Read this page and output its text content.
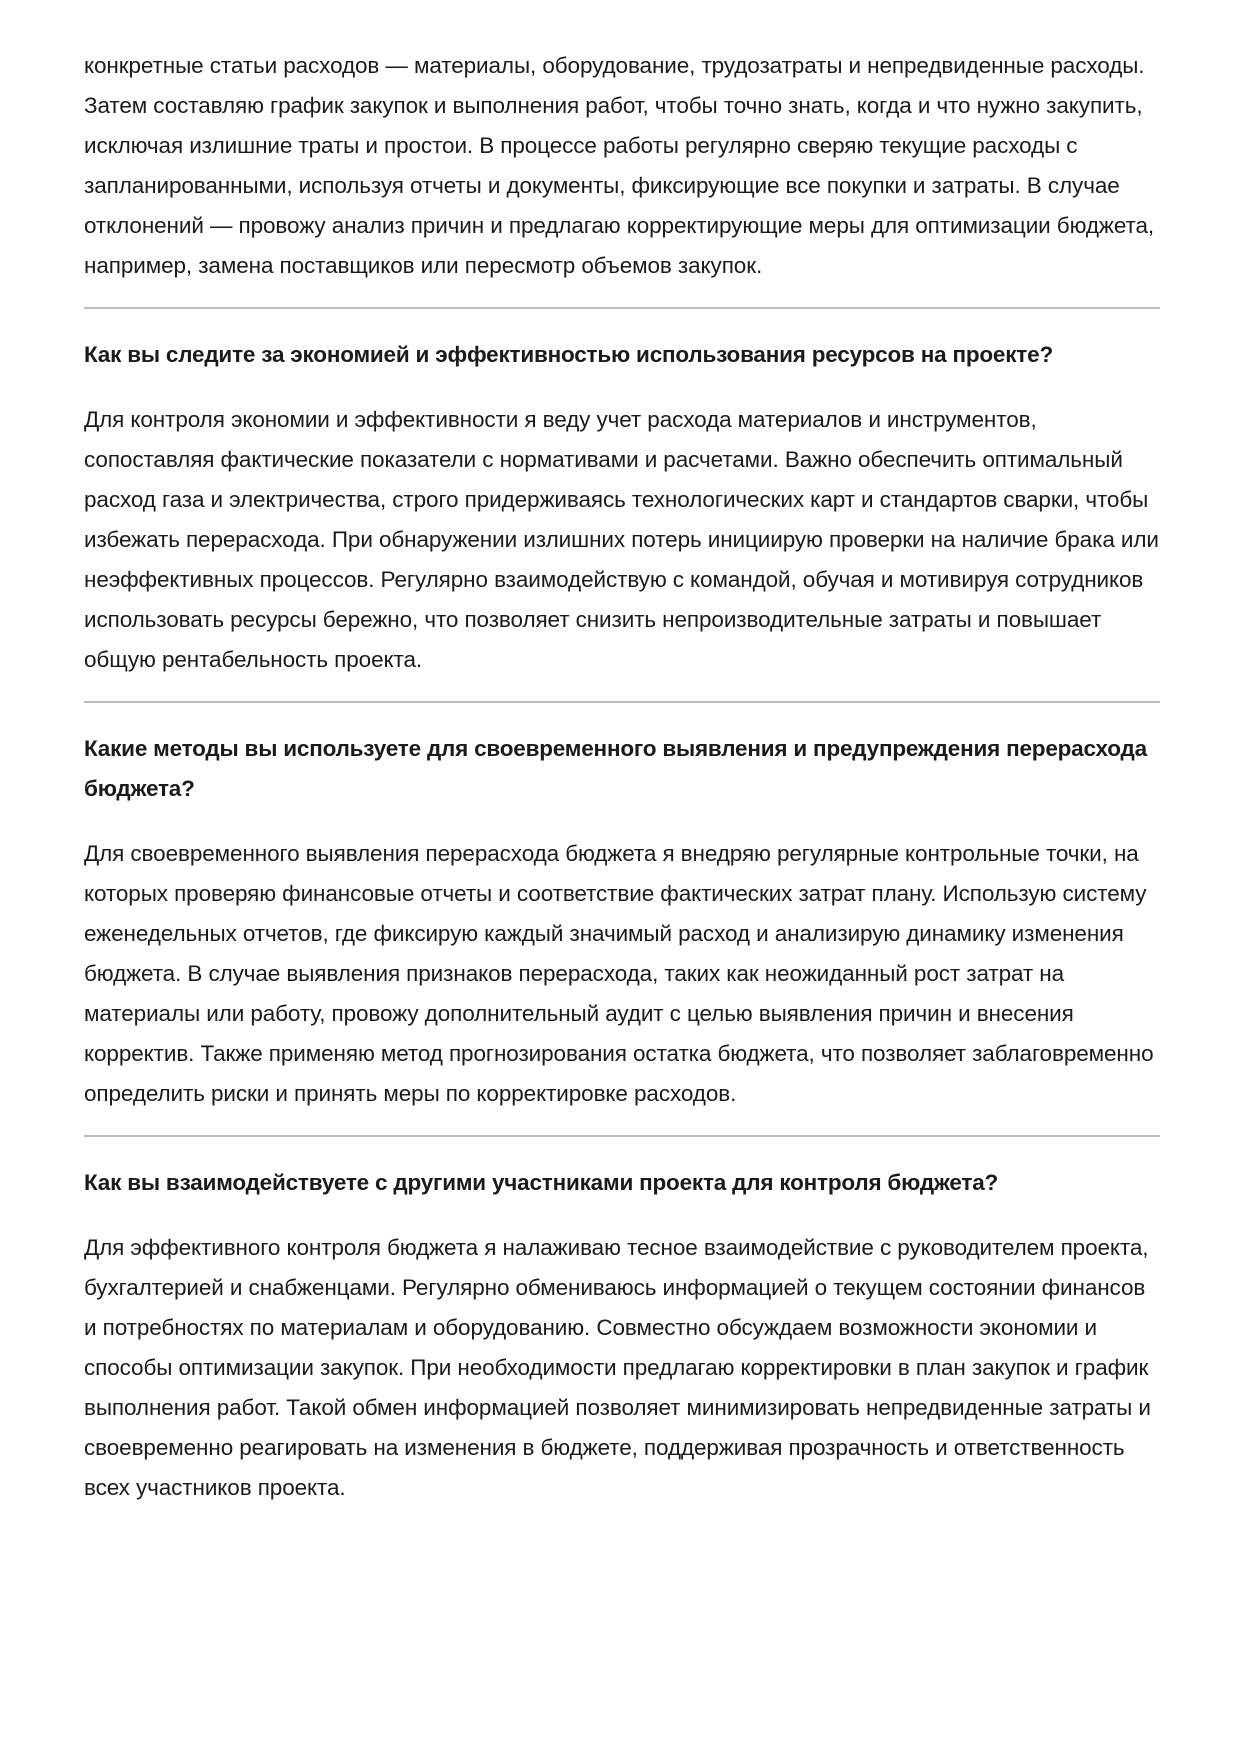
конкретные статьи расходов — материалы, оборудование, трудозатраты и непредвиденные расходы. Затем составляю график закупок и выполнения работ, чтобы точно знать, когда и что нужно закупить, исключая излишние траты и простои. В процессе работы регулярно сверяю текущие расходы с запланированными, используя отчеты и документы, фиксирующие все покупки и затраты. В случае отклонений — провожу анализ причин и предлагаю корректирующие меры для оптимизации бюджета, например, замена поставщиков или пересмотр объемов закупок.

Как вы следите за экономией и эффективностью использования ресурсов на проекте?

Для контроля экономии и эффективности я веду учет расхода материалов и инструментов, сопоставляя фактические показатели с нормативами и расчетами. Важно обеспечить оптимальный расход газа и электричества, строго придерживаясь технологических карт и стандартов сварки, чтобы избежать перерасхода. При обнаружении излишних потерь инициирую проверки на наличие брака или неэффективных процессов. Регулярно взаимодействую с командой, обучая и мотивируя сотрудников использовать ресурсы бережно, что позволяет снизить непроизводительные затраты и повышает общую рентабельность проекта.

Какие методы вы используете для своевременного выявления и предупреждения перерасхода бюджета?

Для своевременного выявления перерасхода бюджета я внедряю регулярные контрольные точки, на которых проверяю финансовые отчеты и соответствие фактических затрат плану. Использую систему еженедельных отчетов, где фиксирую каждый значимый расход и анализирую динамику изменения бюджета. В случае выявления признаков перерасхода, таких как неожиданный рост затрат на материалы или работу, провожу дополнительный аудит с целью выявления причин и внесения корректив. Также применяю метод прогнозирования остатка бюджета, что позволяет заблаговременно определить риски и принять меры по корректировке расходов.

Как вы взаимодействуете с другими участниками проекта для контроля бюджета?

Для эффективного контроля бюджета я налаживаю тесное взаимодействие с руководителем проекта, бухгалтерией и снабженцами. Регулярно обмениваюсь информацией о текущем состоянии финансов и потребностях по материалам и оборудованию. Совместно обсуждаем возможности экономии и способы оптимизации закупок. При необходимости предлагаю корректировки в план закупок и график выполнения работ. Такой обмен информацией позволяет минимизировать непредвиденные затраты и своевременно реагировать на изменения в бюджете, поддерживая прозрачность и ответственность всех участников проекта.
